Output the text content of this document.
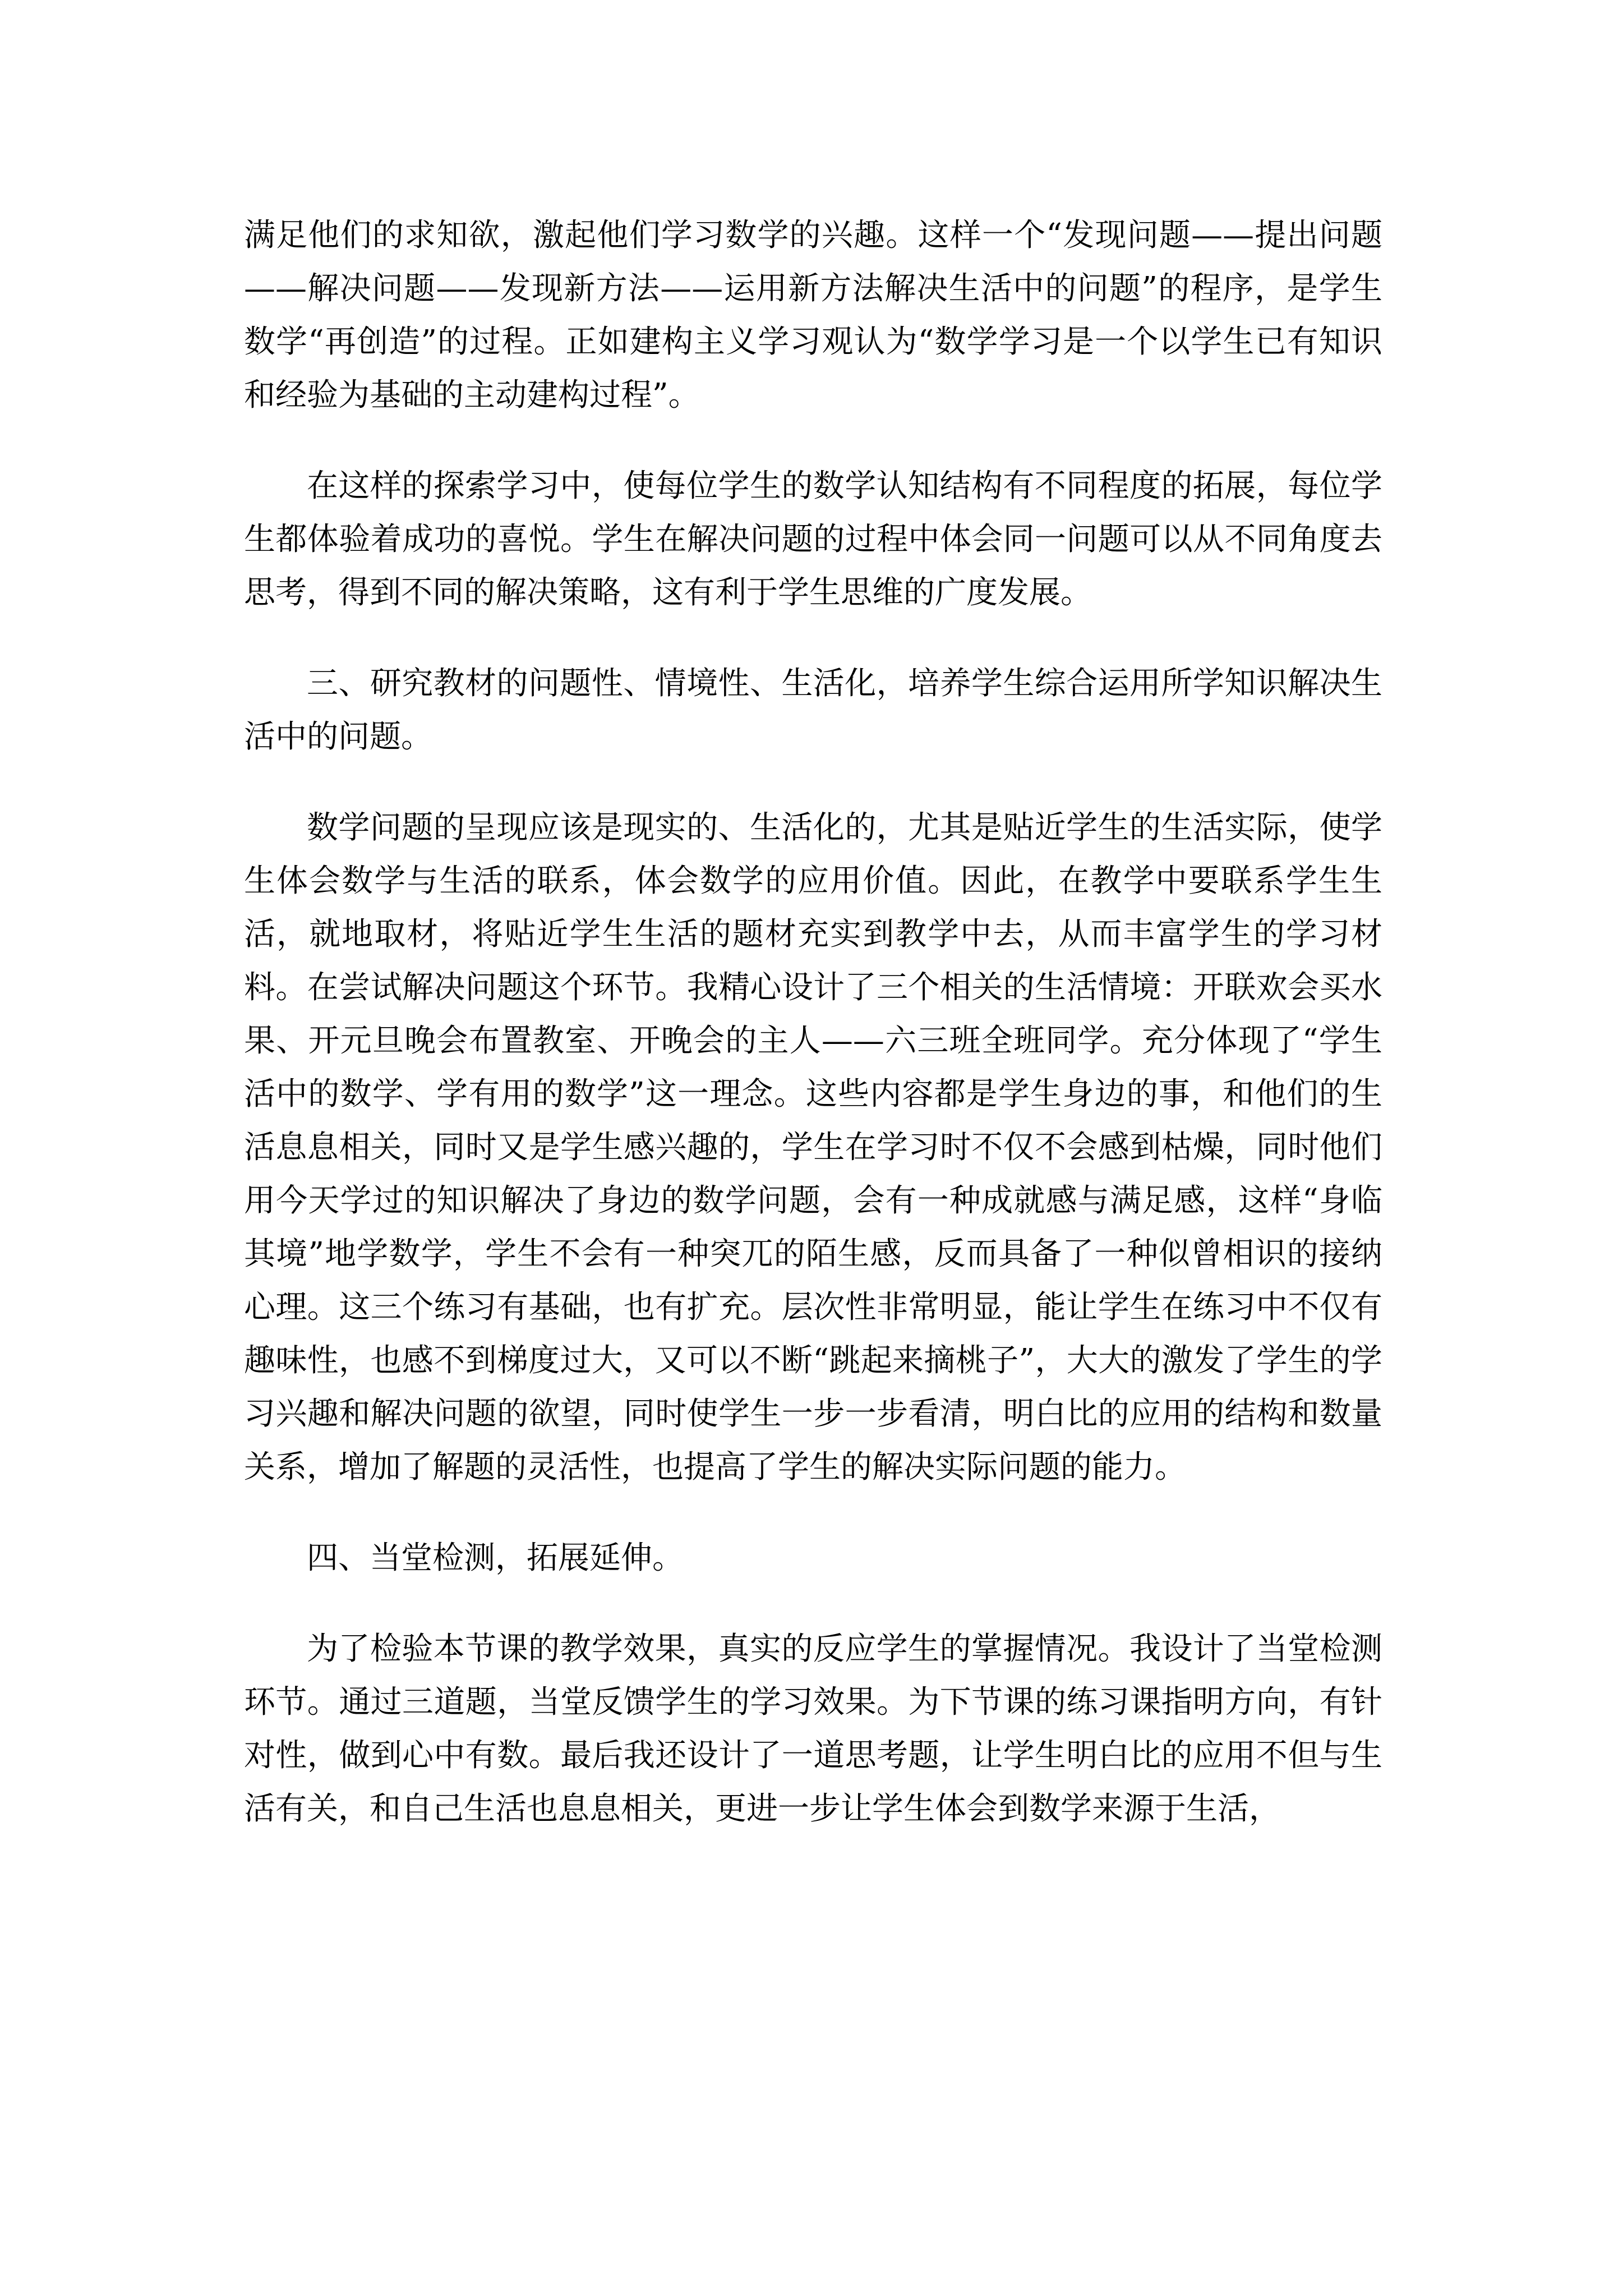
满足他们的求知欲，激起他们学习数学的兴趣。这样一个“发现问题——提出问题——解决问题——发现新方法——运用新方法解决生活中的问题”的程序，是学生数学“再创造”的过程。正如建构主义学习观认为“数学学习是一个以学生已有知识和经验为基础的主动建构过程”。

在这样的探索学习中，使每位学生的数学认知结构有不同程度的拓展，每位学生都体验着成功的喜悦。学生在解决问题的过程中体会同一问题可以从不同角度去思考，得到不同的解决策略，这有利于学生思维的广度发展。

三、研究教材的问题性、情境性、生活化，培养学生综合运用所学知识解决生活中的问题。

数学问题的呈现应该是现实的、生活化的，尤其是贴近学生的生活实际，使学生体会数学与生活的联系，体会数学的应用价值。因此，在教学中要联系学生生活，就地取材，将贴近学生生活的题材充实到教学中去，从而丰富学生的学习材料。在尝试解决问题这个环节。我精心设计了三个相关的生活情境：开联欢会买水果、开元旦晚会布置教室、开晚会的主人——六三班全班同学。充分体现了“学生活中的数学、学有用的数学”这一理念。这些内容都是学生身边的事，和他们的生活息息相关，同时又是学生感兴趣的，学生在学习时不仅不会感到枯燥，同时他们用今天学过的知识解决了身边的数学问题，会有一种成就感与满足感，这样“身临其境”地学数学，学生不会有一种突兀的陌生感，反而具备了一种似曾相识的接纳心理。这三个练习有基础，也有扩充。层次性非常明显，能让学生在练习中不仅有趣味性，也感不到梯度过大，又可以不断“跳起来摘桃子”，大大的激发了学生的学习兴趣和解决问题的欲望，同时使学生一步一步看清，明白比的应用的结构和数量关系，增加了解题的灵活性，也提高了学生的解决实际问题的能力。

四、当堂检测，拓展延伸。

为了检验本节课的教学效果，真实的反应学生的掌握情况。我设计了当堂检测环节。通过三道题，当堂反馈学生的学习效果。为下节课的练习课指明方向，有针对性，做到心中有数。最后我还设计了一道思考题，让学生明白比的应用不但与生活有关，和自己生活也息息相关，更进一步让学生体会到数学来源于生活，
